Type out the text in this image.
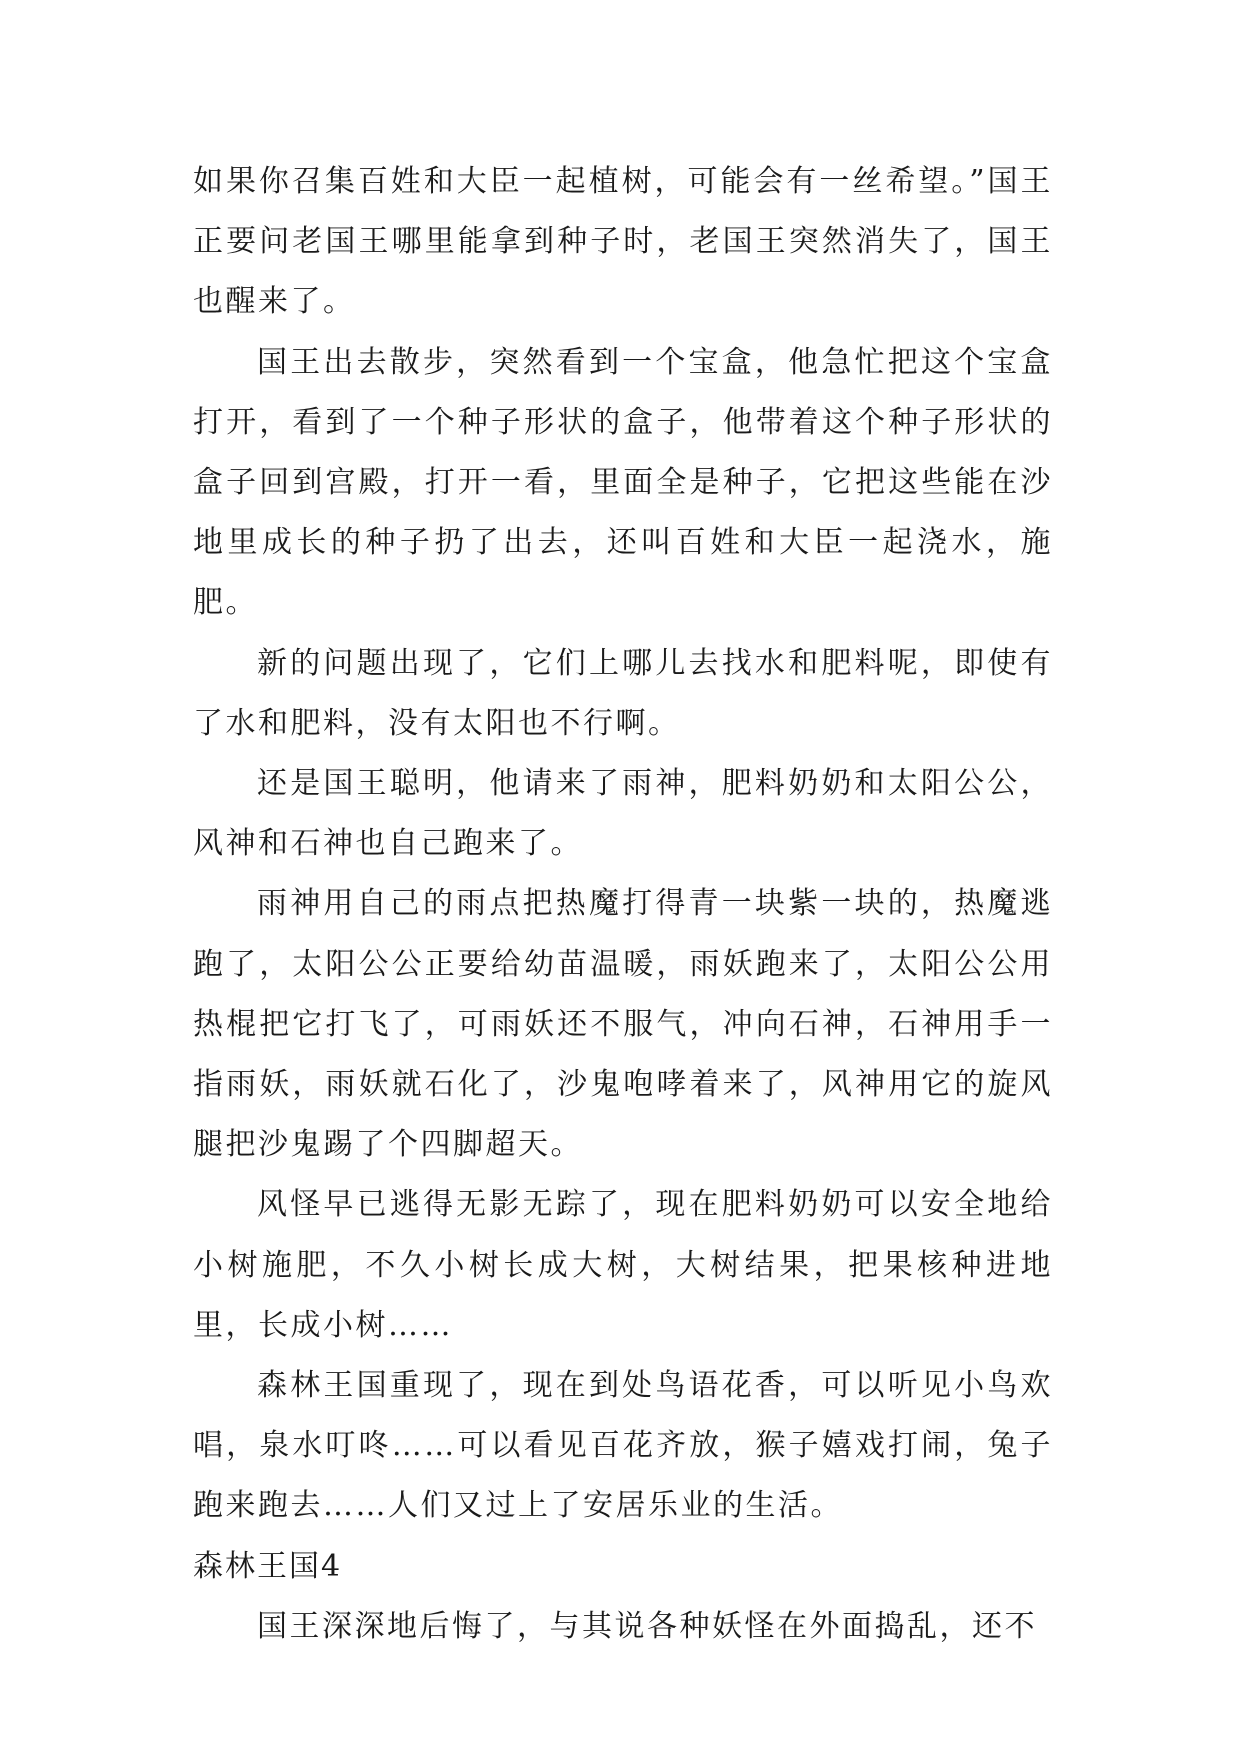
如果你召集百姓和大臣一起植树，可能会有一丝希望。”国王正要问老国王哪里能拿到种子时，老国王突然消失了，国王也醒来了。

国王出去散步，突然看到一个宝盒，他急忙把这个宝盒打开，看到了一个种子形状的盒子，他带着这个种子形状的盒子回到宫殿，打开一看，里面全是种子，它把这些能在沙地里成长的种子扔了出去，还叫百姓和大臣一起浇水，施肥。

新的问题出现了，它们上哪儿去找水和肥料呢，即使有了水和肥料，没有太阳也不行啊。

还是国王聪明，他请来了雨神，肥料奶奶和太阳公公，风神和石神也自己跑来了。

雨神用自己的雨点把热魔打得青一块紫一块的，热魔逃跑了，太阳公公正要给幼苗温暖，雨妖跑来了，太阳公公用热棍把它打飞了，可雨妖还不服气，冲向石神，石神用手一指雨妖，雨妖就石化了，沙鬼咆哮着来了，风神用它的旋风腿把沙鬼踢了个四脚超天。

风怪早已逃得无影无踪了，现在肥料奶奶可以安全地给小树施肥，不久小树长成大树，大树结果，把果核种进地里，长成小树……

森林王国重现了，现在到处鸟语花香，可以听见小鸟欢唱，泉水叮咚……可以看见百花齐放，猴子嬉戏打闹，兔子跑来跑去……人们又过上了安居乐业的生活。

森林王国4

国王深深地后悔了，与其说各种妖怪在外面捣乱，还不
